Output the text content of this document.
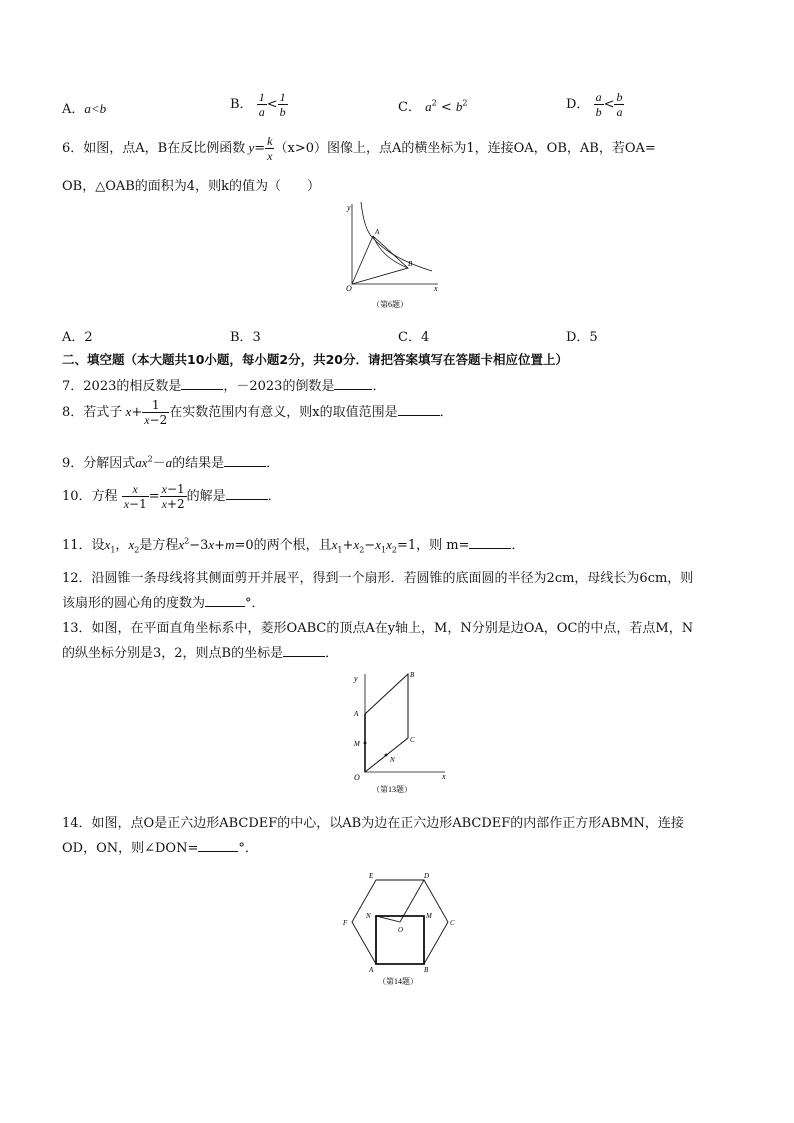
A．a<b	B． $\frac{1}{a} < \frac{1}{b}$	C． $a^2 < b^2$	D． $\frac{a}{b} < \frac{b}{a}$
6．如图，点A，B在反比例函数 $y= \frac{k}{x} (x>0)$图像上，点A的横坐标为1，连接OA，OB，AB，若OA=
OB，△OAB的面积为4，则k的值为（　　）
y
x
O
A
B
（第6题）
A．2	B．3	C．4	D．5
二、填空题（本大题共10小题，每小题2分，共20分．请把答案填写在答题卡相应位置上）
7．2023的相反数是	，－2023的倒数是	．
8．若式子 $x+ \frac{1}{x-2}$ 在实数范围内有意义，则x的取值范围是	．
9．分解因式$ax^2-a$的结果是	．
10．方程 $\frac{x}{x-1} = \frac{x-1}{x+2}$ 的解是	．
11．设$x_1$，$x_2$是方程$x^2-3x+m=0$的两个根，且$x_1+x_2-x_1x_2=1$，则 m=	．
12．沿圆锥一条母线将其侧面剪开并展平，得到一个扇形．若圆锥的底面圆的半径为2cm，母线长为6cm，则
该扇形的圆心角的度数为	°．
13．如图，在平面直角坐标系中，菱形OABC的顶点A在y轴上，M，N分别是边OA，OC的中点，若点M，N
的纵坐标分别是3，2，则点B的坐标是	．
y
x
O
A
B
C
M
N
（第13题）
14．如图，点O是正六边形ABCDEF的中心，以AB为边在正六边形ABCDEF的内部作正方形ABMN，连接
OD，ON，则∠DON=	°．
E	D
F	C
A	B
N	M
O
（第14题）
